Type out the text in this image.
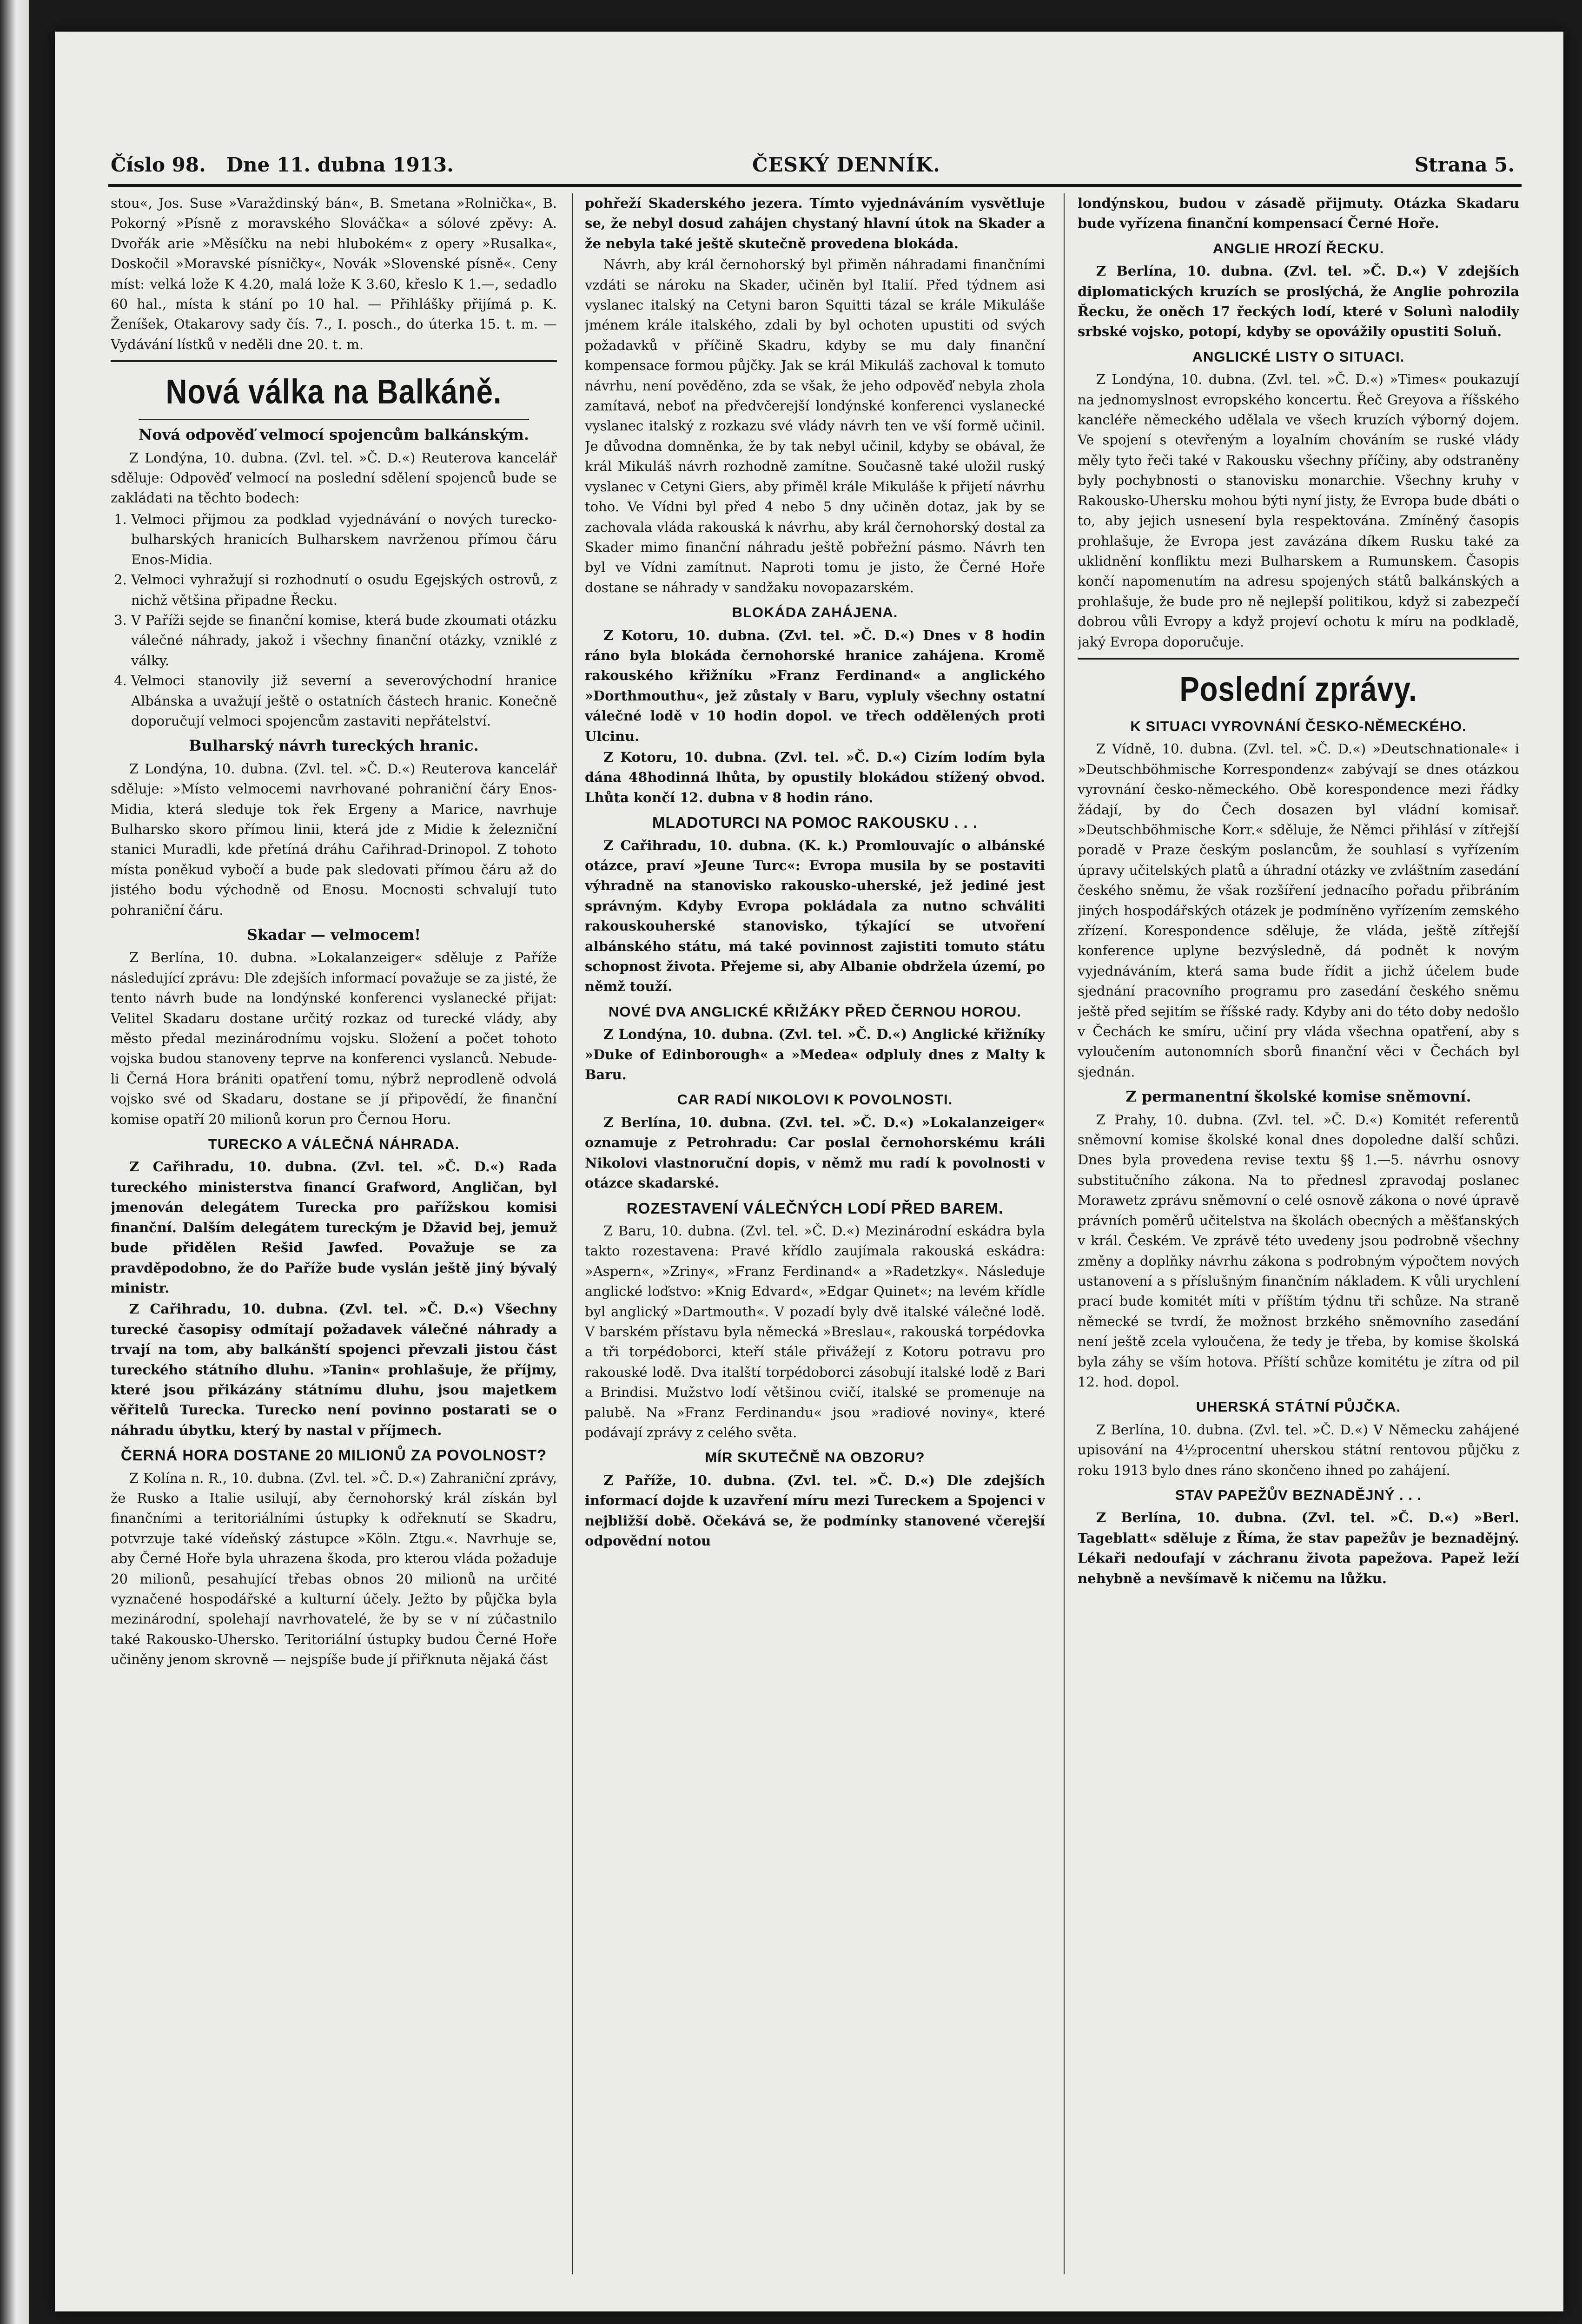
Číslo 98. Dne 11. dubna 1913.	ČESKÝ DENNÍK.	Strana 5.

stou«, Jos. Suse »Varaždinský bán«, B. Smetana »Rolnička«, B. Pokorný »Písně z moravského Slováčka« a sólové zpěvy: A. Dvořák arie »Měsíčku na nebi hlubokém« z opery »Rusalka«, Doskočil »Moravské písničky«, Novák »Slovenské písně«. Ceny míst: velká lože K 4.20, malá lože K 3.60, křeslo K 1.—, sedadlo 60 hal., místa k stání po 10 hal. — Přihlášky přijímá p. K. Ženíšek, Otakarovy sady čís. 7., I. posch., do úterka 15. t. m. — Vydávání lístků v neděli dne 20. t. m.

Nová válka na Balkáně.
Nová odpověď velmocí spojencům balkánským.

Z Londýna, 10. dubna. (Zvl. tel. »Č. D.«) Reuterova kancelář sděluje: Odpověď velmocí na poslední sdělení spojenců bude se zakládati na těchto bodech:

1. Velmoci přijmou za podklad vyjednávání o nových turecko-bulharských hranicích Bulharskem navrženou přímou čáru Enos-Midia.
2. Velmoci vyhražují si rozhodnutí o osudu Egejských ostrovů, z nichž většina připadne Řecku.
3. V Paříži sejde se finanční komise, která bude zkoumati otázku válečné náhrady, jakož i všechny finanční otázky, vzniklé z války.
4. Velmoci stanovily již severní a severovýchodní hranice Albánska a uvažují ještě o ostatních částech hranic. Konečně doporučují velmoci spojencům zastaviti nepřátelství.
Bulharský návrh tureckých hranic.

Z Londýna, 10. dubna. (Zvl. tel. »Č. D.«) Reuterova kancelář sděluje: »Místo velmocemi navrhované pohraniční čáry Enos-Midia, která sleduje tok řek Ergeny a Marice, navrhuje Bulharsko skoro přímou linii, která jde z Midie k železniční stanici Muradli, kde přetíná dráhu Cařihrad-Drinopol. Z tohoto místa poněkud vybočí a bude pak sledovati přímou čáru až do jistého bodu východně od Enosu. Mocnosti schvalují tuto pohraniční čáru.

Skadar — velmocem!

Z Berlína, 10. dubna. »Lokalanzeiger« sděluje z Paříže následující zprávu: Dle zdejších informací považuje se za jisté, že tento návrh bude na londýnské konferenci vyslanecké přijat: Velitel Skadaru dostane určitý rozkaz od turecké vlády, aby město předal mezinárodnímu vojsku. Složení a počet tohoto vojska budou stanoveny teprve na konferenci vyslanců. Nebude-li Černá Hora brániti opatření tomu, nýbrž neprodleně odvolá vojsko své od Skadaru, dostane se jí připovědí, že finanční komise opatří 20 milionů korun pro Černou Horu.

TURECKO A VÁLEČNÁ NÁHRADA.

Z Cařihradu, 10. dubna. (Zvl. tel. »Č. D.«) Rada tureckého ministerstva financí Grafword, Angličan, byl jmenován delegátem Turecka pro pařížskou komisi finanční. Dalším delegátem tureckým je Džavid bej, jemuž bude přidělen Rešid Jawfed. Považuje se za pravděpodobno, že do Paříže bude vyslán ještě jiný bývalý ministr.

Z Cařihradu, 10. dubna. (Zvl. tel. »Č. D.«) Všechny turecké časopisy odmítají požadavek válečné náhrady a trvají na tom, aby balkánští spojenci převzali jistou část tureckého státního dluhu. »Tanin« prohlašuje, že příjmy, které jsou přikázány státnímu dluhu, jsou majetkem věřitelů Turecka. Turecko není povinno postarati se o náhradu úbytku, který by nastal v příjmech.

ČERNÁ HORA DOSTANE 20 MILIONŮ ZA POVOLNOST?

Z Kolína n. R., 10. dubna. (Zvl. tel. »Č. D.«) Zahraniční zprávy, že Rusko a Italie usilují, aby černohorský král získán byl finančními a teritoriálními ústupky k odřeknutí se Skadru, potvrzuje také vídeňský zástupce »Köln. Ztgu.«. Navrhuje se, aby Černé Hoře byla uhrazena škoda, pro kterou vláda požaduje 20 milionů, pesahující třebas obnos 20 milionů na určité vyznačené hospodářské a kulturní účely. Ježto by půjčka byla mezinárodní, spolehají navrhovatelé, že by se v ní zúčastnilo také Rakousko-Uhersko. Teritoriální ústupky budou Černé Hoře učiněny jenom skrovně — nejspíše bude jí přiřknuta nějaká část

pohřeží Skaderského jezera. Tímto vyjednáváním vysvětluje se, že nebyl dosud zahájen chystaný hlavní útok na Skader a že nebyla také ještě skutečně provedena blokáda.

Návrh, aby král černohorský byl přiměn náhradami finančními vzdáti se nároku na Skader, učiněn byl Italií. Před týdnem asi vyslanec italský na Cetyni baron Squitti tázal se krále Mikuláše jménem krále italského, zdali by byl ochoten upustiti od svých požadavků v příčině Skadru, kdyby se mu daly finanční kompensace formou půjčky. Jak se král Mikuláš zachoval k tomuto návrhu, není pověděno, zda se však, že jeho odpověď nebyla zhola zamítavá, neboť na předvčerejší londýnské konferenci vyslanecké vyslanec italský z rozkazu své vlády návrh ten ve vší formě učinil. Je důvodna domněnka, že by tak nebyl učinil, kdyby se obával, že král Mikuláš návrh rozhodně zamítne. Současně také uložil ruský vyslanec v Cetyni Giers, aby přiměl krále Mikuláše k přijetí návrhu toho. Ve Vídni byl před 4 nebo 5 dny učiněn dotaz, jak by se zachovala vláda rakouská k návrhu, aby král černohorský dostal za Skader mimo finanční náhradu ještě pobřežní pásmo. Návrh ten byl ve Vídni zamítnut. Naproti tomu je jisto, že Černé Hoře dostane se náhrady v sandžaku novopazarském.

BLOKÁDA ZAHÁJENA.

Z Kotoru, 10. dubna. (Zvl. tel. »Č. D.«) Dnes v 8 hodin ráno byla blokáda černohorské hranice zahájena. Kromě rakouského křižníku »Franz Ferdinand« a anglického »Dorthmouthu«, jež zůstaly v Baru, vypluly všechny ostatní válečné lodě v 10 hodin dopol. ve třech oddělených proti Ulcinu.

Z Kotoru, 10. dubna. (Zvl. tel. »Č. D.«) Cizím lodím byla dána 48hodinná lhůta, by opustily blokádou stížený obvod. Lhůta končí 12. dubna v 8 hodin ráno.

MLADOTURCI NA POMOC RAKOUSKU . . .

Z Cařihradu, 10. dubna. (K. k.) Promlouvajíc o albánské otázce, praví »Jeune Turc«: Evropa musila by se postaviti výhradně na stanovisko rakousko-uherské, jež jediné jest správným. Kdyby Evropa pokládala za nutno schváliti rakouskouherské stanovisko, týkající se utvoření albánského státu, má také povinnost zajistiti tomuto státu schopnost života. Přejeme si, aby Albanie obdržela území, po němž touží.

NOVÉ DVA ANGLICKÉ KŘIŽÁKY PŘED ČERNOU HOROU.

Z Londýna, 10. dubna. (Zvl. tel. »Č. D.«) Anglické křižníky »Duke of Edinborough« a »Medea« odpluly dnes z Malty k Baru.

CAR RADÍ NIKOLOVI K POVOLNOSTI.

Z Berlína, 10. dubna. (Zvl. tel. »Č. D.«) »Lokalanzeiger« oznamuje z Petrohradu: Car poslal černohorskému králi Nikolovi vlastnoruční dopis, v němž mu radí k povolnosti v otázce skadarské.

ROZESTAVENÍ VÁLEČNÝCH LODÍ PŘED BAREM.

Z Baru, 10. dubna. (Zvl. tel. »Č. D.«) Mezinárodní eskádra byla takto rozestavena: Pravé křídlo zaujímala rakouská eskádra: »Aspern«, »Zriny«, »Franz Ferdinand« a »Radetzky«. Následuje anglické loďstvo: »Knig Edvard«, »Edgar Quinet«; na levém křídle byl anglický »Dartmouth«. V pozadí byly dvě italské válečné lodě. V barském přístavu byla německá »Breslau«, rakouská torpédovka a tři torpédoborci, kteří stále přivážejí z Kotoru potravu pro rakouské lodě. Dva italští torpédoborci zásobují italské lodě z Bari a Brindisi. Mužstvo lodí většinou cvičí, italské se promenuje na palubě. Na »Franz Ferdinandu« jsou »radiové noviny«, které podávají zprávy z celého světa.

MÍR SKUTEČNĚ NA OBZORU?

Z Paříže, 10. dubna. (Zvl. tel. »Č. D.«) Dle zdejších informací dojde k uzavření míru mezi Tureckem a Spojenci v nejbližší době. Očekává se, že podmínky stanovené včerejší odpovědní notou

londýnskou, budou v zásadě přijmuty. Otázka Skadaru bude vyřízena finanční kompensací Černé Hoře.

ANGLIE HROZÍ ŘECKU.

Z Berlína, 10. dubna. (Zvl. tel. »Č. D.«) V zdejších diplomatických kruzích se proslýchá, že Anglie pohrozila Řecku, že oněch 17 řeckých lodí, které v Solunì nalodily srbské vojsko, potopí, kdyby se opovážily opustiti Soluň.

ANGLICKÉ LISTY O SITUACI.

Z Londýna, 10. dubna. (Zvl. tel. »Č. D.«) »Times« poukazují na jednomyslnost evropského koncertu. Řeč Greyova a říšského kancléře německého udělala ve všech kruzích výborný dojem. Ve spojení s otevřeným a loyalním chováním se ruské vlády měly tyto řeči také v Rakousku všechny příčiny, aby odstraněny byly pochybnosti o stanovisku monarchie. Všechny kruhy v Rakousko-Uhersku mohou býti nyní jisty, že Evropa bude dbáti o to, aby jejich usnesení byla respektována. Zmíněný časopis prohlašuje, že Evropa jest zavázána díkem Rusku také za uklidnění konfliktu mezi Bulharskem a Rumunskem. Časopis končí napomenutím na adresu spojených států balkánských a prohlašuje, že bude pro ně nejlepší politikou, když si zabezpečí dobrou vůli Evropy a když projeví ochotu k míru na podkladě, jaký Evropa doporučuje.

Poslední zprávy.
K SITUACI VYROVNÁNÍ ČESKO-NĚMECKÉHO.

Z Vídně, 10. dubna. (Zvl. tel. »Č. D.«) »Deutschnationale« i »Deutschböhmische Korrespondenz« zabývají se dnes otázkou vyrovnání česko-německého. Obě korespondence mezi řádky žádají, by do Čech dosazen byl vládní komisař. »Deutschböhmische Korr.« sděluje, že Němci přihlásí v zítřejší poradě v Praze českým poslancům, že souhlasí s vyřízením úpravy učitelských platů a úhradní otázky ve zvláštním zasedání českého sněmu, že však rozšíření jednacího pořadu přibráním jiných hospodářských otázek je podmíněno vyřízením zemského zřízení. Korespondence sděluje, že vláda, ještě zítřejší konference uplyne bezvýsledně, dá podnět k novým vyjednáváním, která sama bude řídit a jichž účelem bude sjednání pracovního programu pro zasedání českého sněmu ještě před sejitím se říšské rady. Kdyby ani do této doby nedošlo v Čechách ke smíru, učiní pry vláda všechna opatření, aby s vyloučením autonomních sborů finanční věci v Čechách byl sjednán.

Z permanentní školské komise sněmovní.

Z Prahy, 10. dubna. (Zvl. tel. »Č. D.«) Komitét referentů sněmovní komise školské konal dnes dopoledne další schůzi. Dnes byla provedena revise textu §§ 1.—5. návrhu osnovy substitučního zákona. Na to přednesl zpravodaj poslanec Morawetz zprávu sněmovní o celé osnově zákona o nové úpravě právních poměrů učitelstva na školách obecných a měšťanských v král. Českém. Ve zprávě této uvedeny jsou podrobně všechny změny a doplňky návrhu zákona s podrobným výpočtem nových ustanovení a s příslušným finančním nákladem. K vůli urychlení prací bude komitét míti v příštím týdnu tři schůze. Na straně německé se tvrdí, že možnost brzkého sněmovního zasedání není ještě zcela vyloučena, že tedy je třeba, by komise školská byla záhy se vším hotova. Příští schůze komitétu je zítra od pil 12. hod. dopol.

UHERSKÁ STÁTNÍ PŮJČKA.

Z Berlína, 10. dubna. (Zvl. tel. »Č. D.«) V Německu zahájené upisování na 4½procentní uherskou státní rentovou půjčku z roku 1913 bylo dnes ráno skončeno ihned po zahájení.

STAV PAPEŽŮV BEZNADĚJNÝ . . .

Z Berlína, 10. dubna. (Zvl. tel. »Č. D.«) »Berl. Tageblatt« sděluje z Říma, že stav papežův je beznadějný. Lékaři nedoufají v záchranu života papežova. Papež leží nehybně a nevšímavě k ničemu na lůžku.
